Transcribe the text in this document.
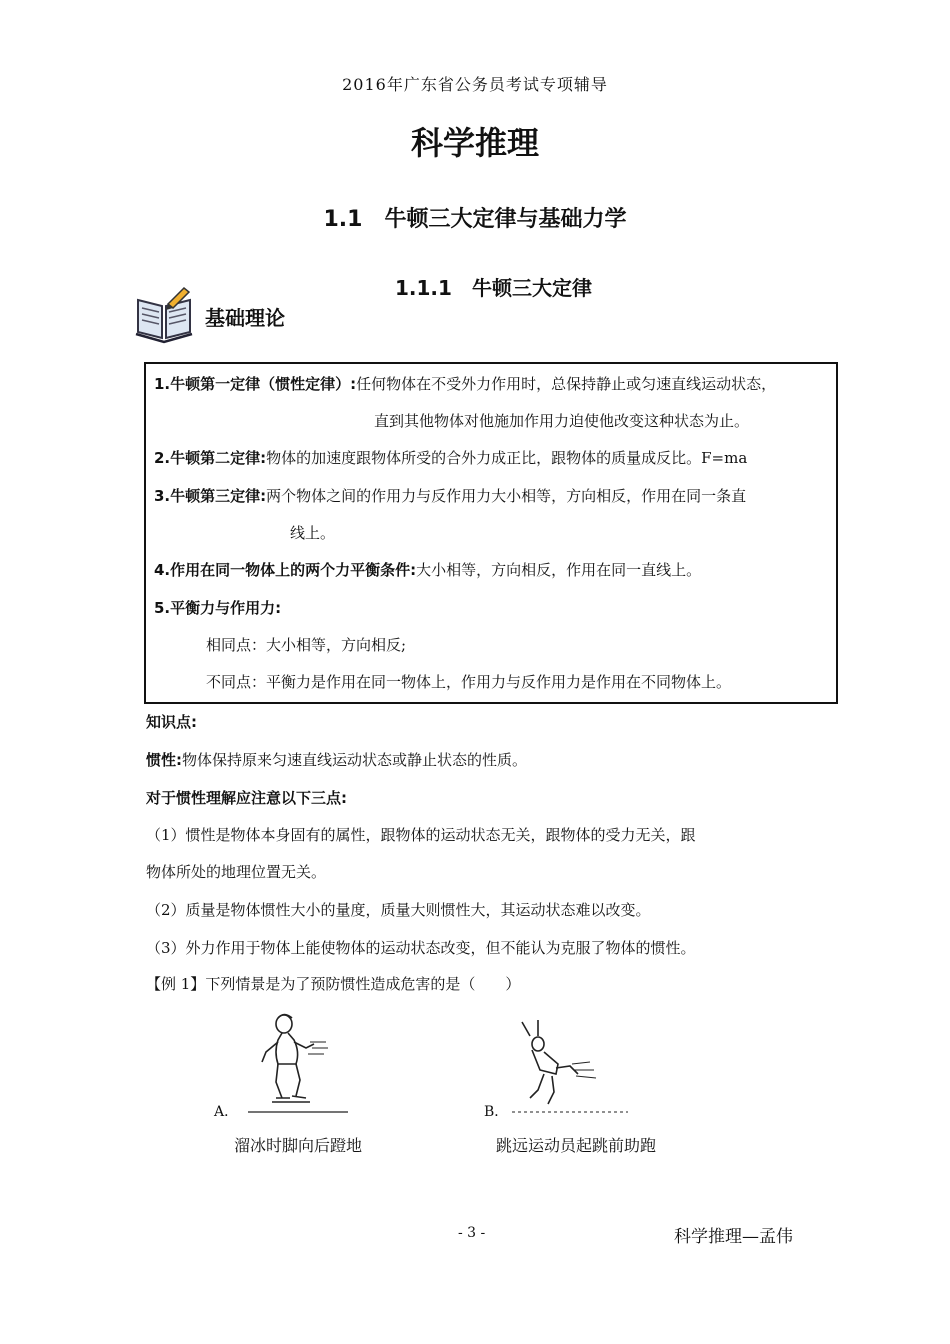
2016年广东省公务员考试专项辅导
科学推理
1.1　牛顿三大定律与基础力学
基础理论
1.1.1　牛顿三大定律
1.牛顿第一定律（惯性定律）:任何物体在不受外力作用时，总保持静止或匀速直线运动状态，
直到其他物体对他施加作用力迫使他改变这种状态为止。
2.牛顿第二定律:物体的加速度跟物体所受的合外力成正比，跟物体的质量成反比。F=ma
3.牛顿第三定律:两个物体之间的作用力与反作用力大小相等，方向相反，作用在同一条直
线上。
4.作用在同一物体上的两个力平衡条件:大小相等，方向相反，作用在同一直线上。
5.平衡力与作用力:
相同点：大小相等，方向相反;
不同点：平衡力是作用在同一物体上，作用力与反作用力是作用在不同物体上。
知识点:
惯性:物体保持原来匀速直线运动状态或静止状态的性质。
对于惯性理解应注意以下三点:
（1）惯性是物体本身固有的属性，跟物体的运动状态无关，跟物体的受力无关，跟
物体所处的地理位置无关。
（2）质量是物体惯性大小的量度，质量大则惯性大，其运动状态难以改变。
（3）外力作用于物体上能使物体的运动状态改变，但不能认为克服了物体的惯性。
【例 1】下列情景是为了预防惯性造成危害的是（　　）
A．
溜冰时脚向后蹬地
B．
跳远运动员起跳前助跑
- 3 -	科学推理—孟伟
